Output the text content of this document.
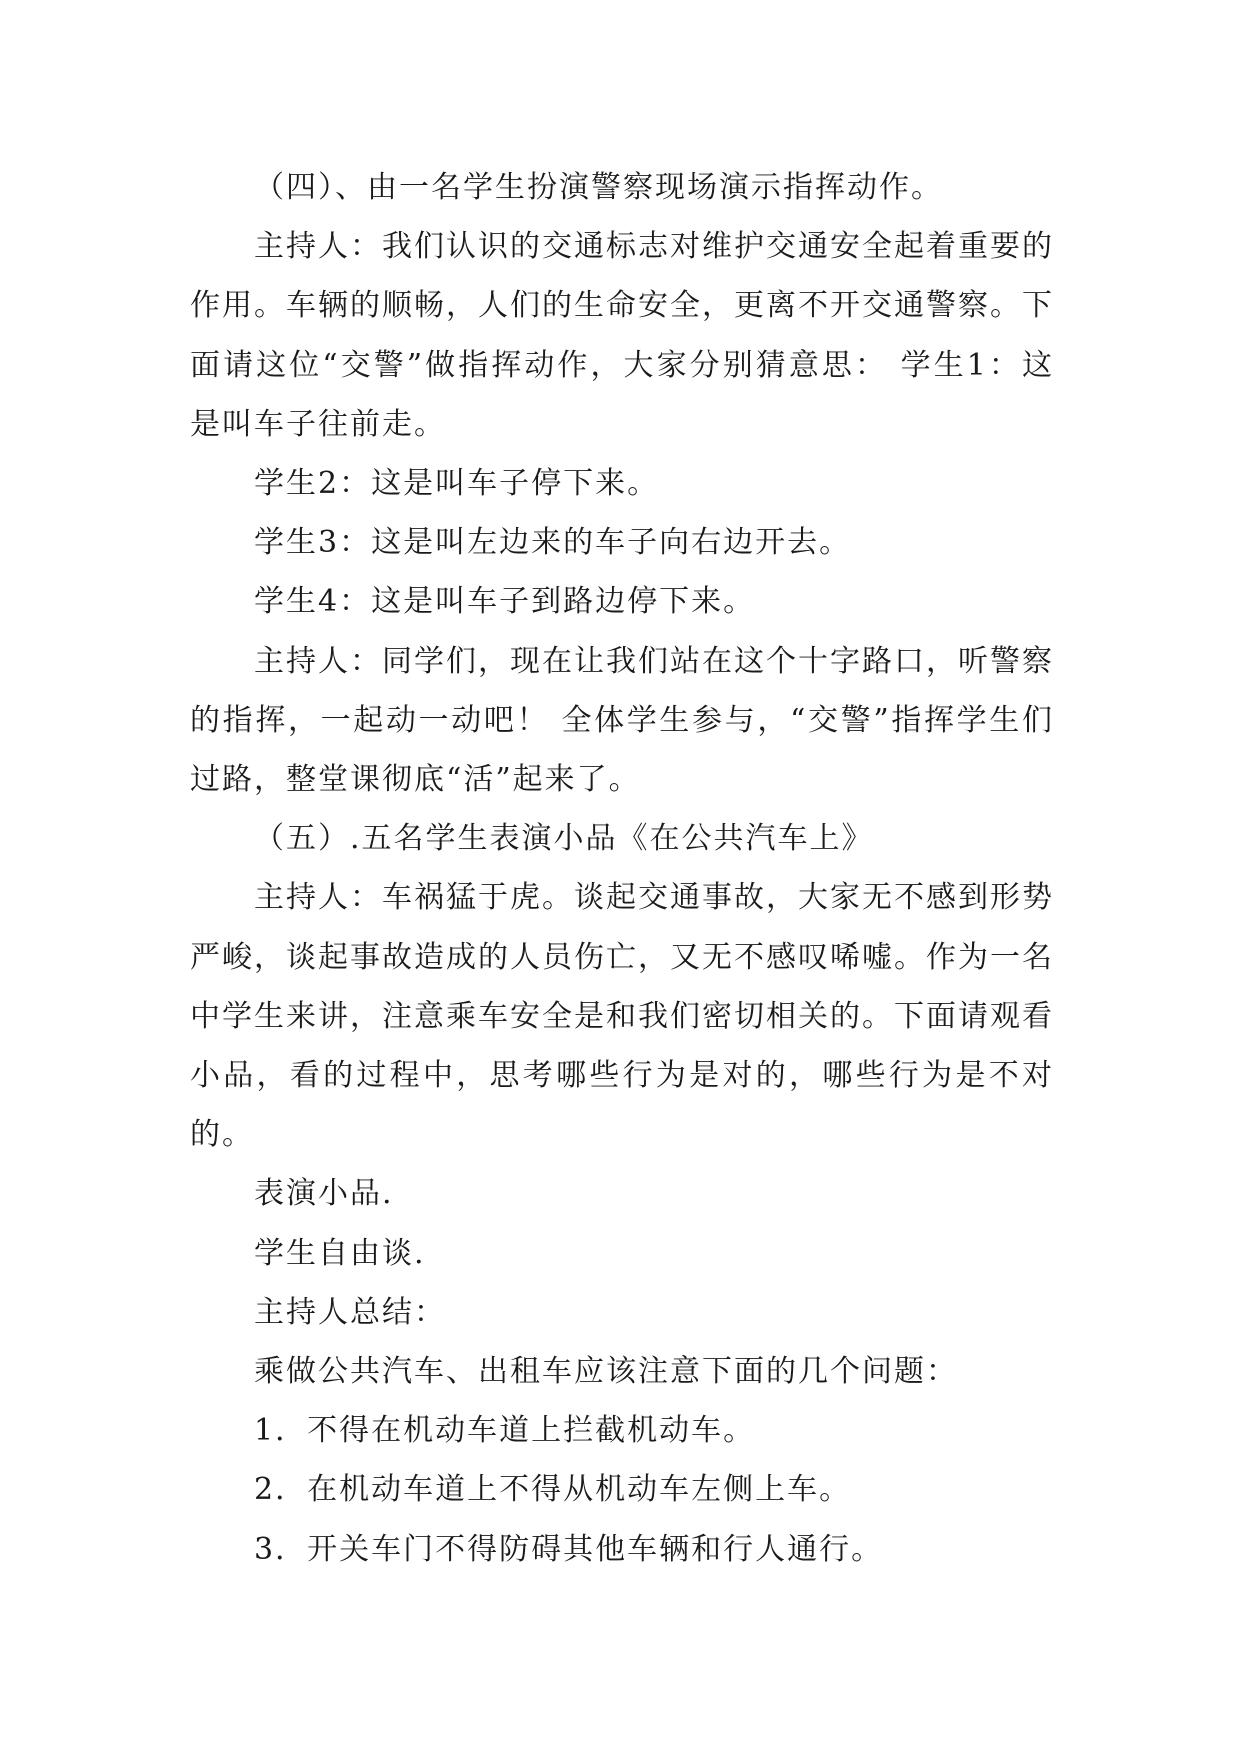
（四）、由一名学生扮演警察现场演示指挥动作。

主持人：我们认识的交通标志对维护交通安全起着重要的作用。车辆的顺畅，人们的生命安全，更离不开交通警察。下面请这位“交警”做指挥动作，大家分别猜意思： 学生1：这是叫车子往前走。

学生2：这是叫车子停下来。

学生3：这是叫左边来的车子向右边开去。

学生4：这是叫车子到路边停下来。

主持人：同学们，现在让我们站在这个十字路口，听警察的指挥，一起动一动吧！ 全体学生参与，“交警”指挥学生们过路，整堂课彻底“活”起来了。

（五）.五名学生表演小品《在公共汽车上》

主持人：车祸猛于虎。谈起交通事故，大家无不感到形势严峻，谈起事故造成的人员伤亡，又无不感叹唏嘘。作为一名中学生来讲，注意乘车安全是和我们密切相关的。下面请观看小品，看的过程中，思考哪些行为是对的，哪些行为是不对的。

表演小品.

学生自由谈.

主持人总结：

乘做公共汽车、出租车应该注意下面的几个问题：

1．不得在机动车道上拦截机动车。

2．在机动车道上不得从机动车左侧上车。

3．开关车门不得防碍其他车辆和行人通行。
